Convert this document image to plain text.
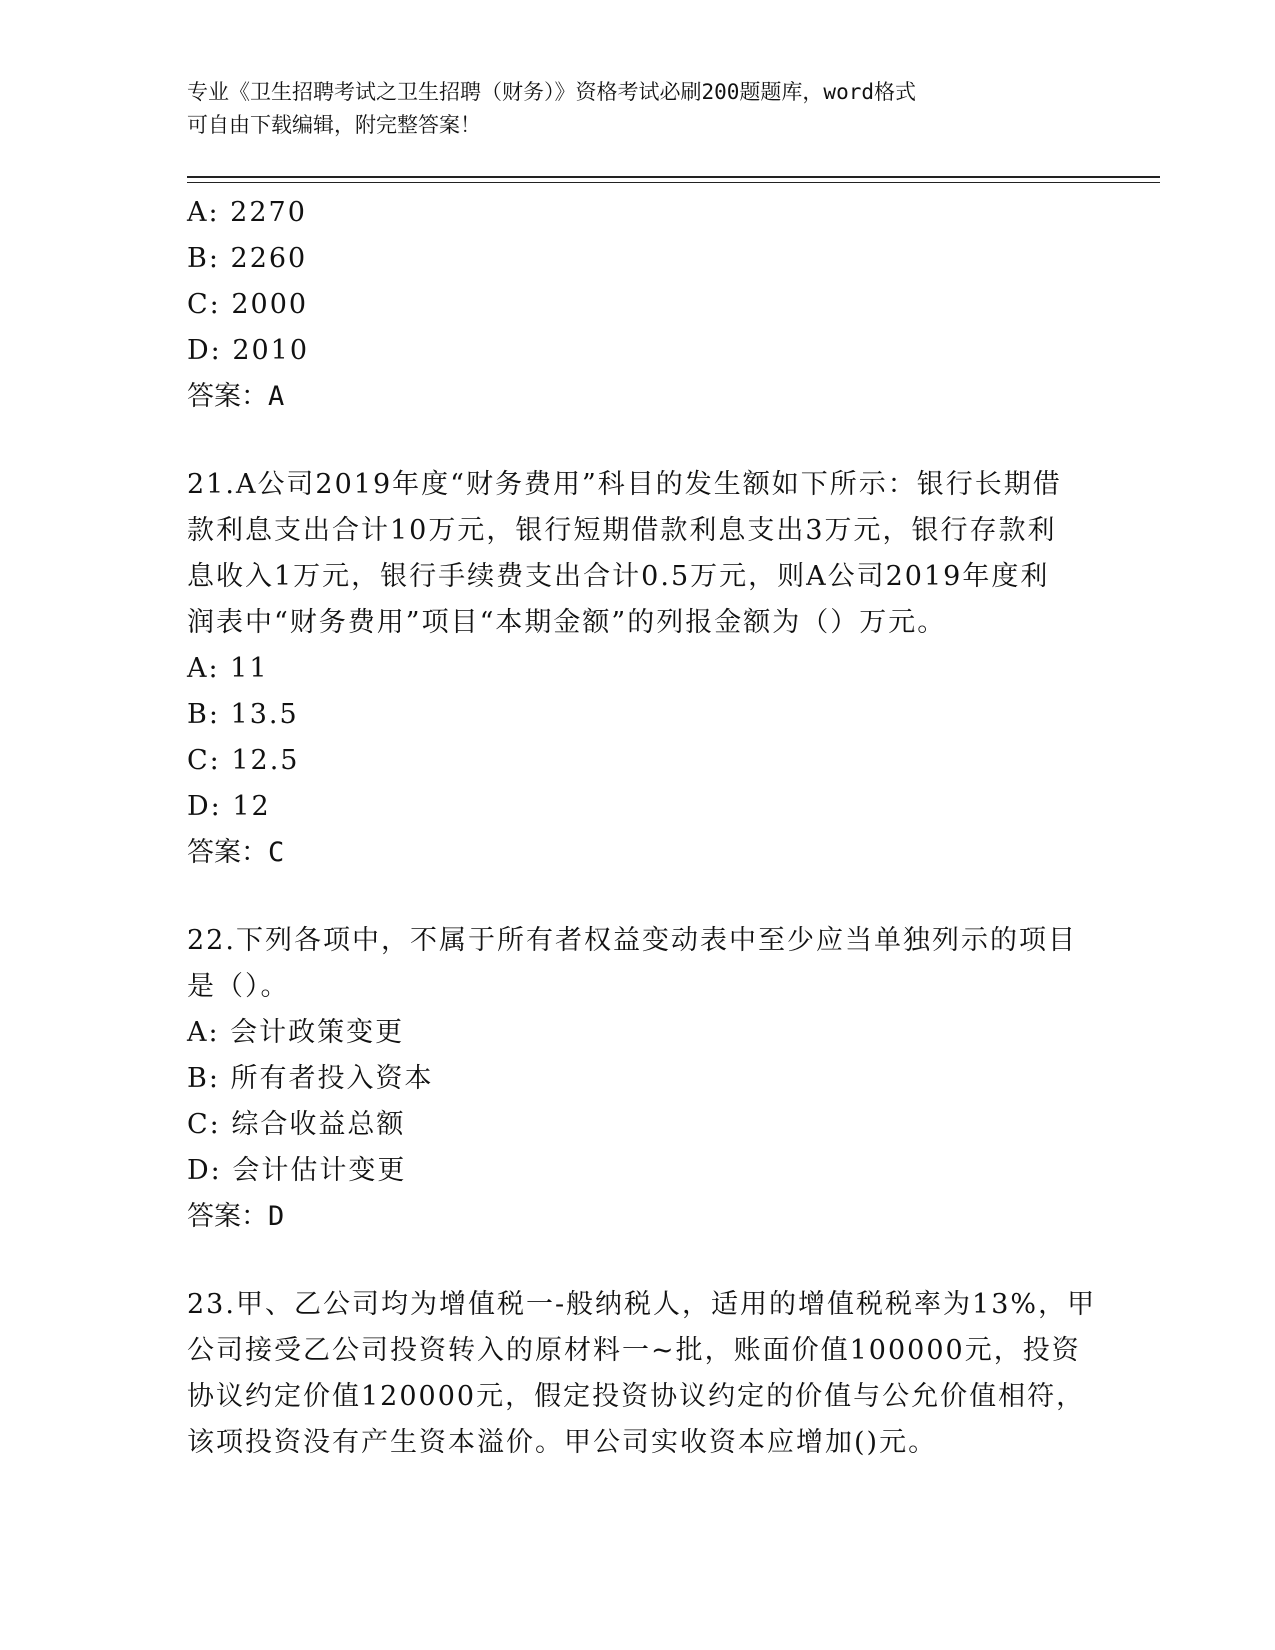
专业《卫生招聘考试之卫生招聘（财务）》资格考试必刷200题题库，word格式
可自由下载编辑，附完整答案！
A: 2270
B: 2260
C: 2000
D: 2010
答案：A
21.A公司2019年度“财务费用”科目的发生额如下所示：银行长期借
款利息支出合计10万元，银行短期借款利息支出3万元，银行存款利
息收入1万元，银行手续费支出合计0.5万元，则A公司2019年度利
润表中“财务费用”项目“本期金额”的列报金额为（）万元。
A: 11
B: 13.5
C: 12.5
D: 12
答案：C
22.下列各项中，不属于所有者权益变动表中至少应当单独列示的项目
是（）。
A: 会计政策变更
B: 所有者投入资本
C: 综合收益总额
D: 会计估计变更
答案：D
23.甲、乙公司均为增值税一-般纳税人，适用的增值税税率为13%，甲
公司接受乙公司投资转入的原材料一~批，账面价值100000元，投资
协议约定价值120000元，假定投资协议约定的价值与公允价值相符，
该项投资没有产生资本溢价。甲公司实收资本应增加()元。
